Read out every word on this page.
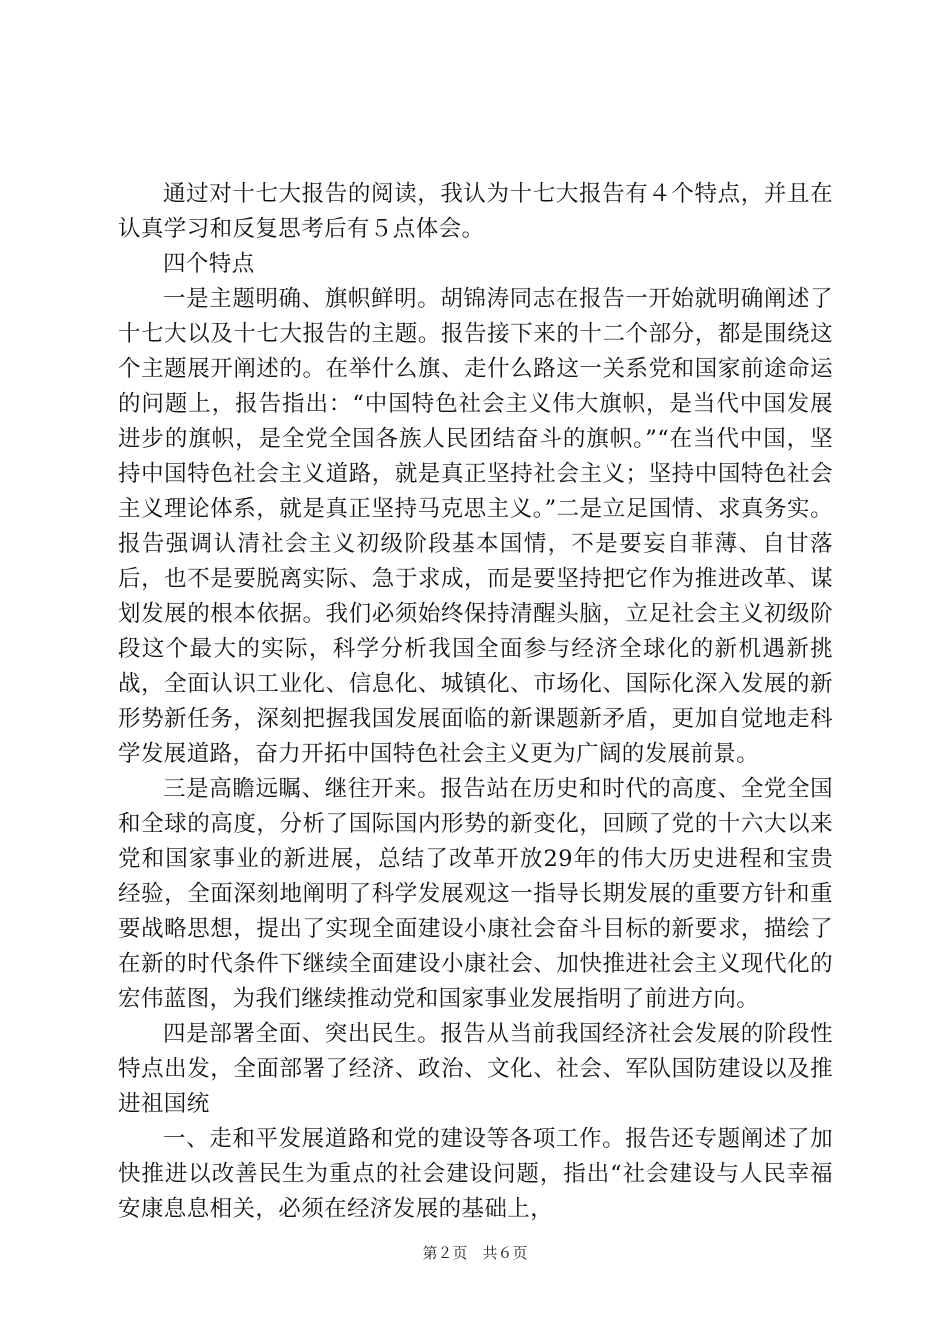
通过对十七大报告的阅读，我认为十七大报告有４个特点，并且在认真学习和反复思考后有５点体会。

四个特点

一是主题明确、旗帜鲜明。胡锦涛同志在报告一开始就明确阐述了十七大以及十七大报告的主题。报告接下来的十二个部分，都是围绕这个主题展开阐述的。在举什么旗、走什么路这一关系党和国家前途命运的问题上，报告指出：“中国特色社会主义伟大旗帜，是当代中国发展进步的旗帜，是全党全国各族人民团结奋斗的旗帜。”“在当代中国，坚持中国特色社会主义道路，就是真正坚持社会主义；坚持中国特色社会主义理论体系，就是真正坚持马克思主义。”二是立足国情、求真务实。报告强调认清社会主义初级阶段基本国情，不是要妄自菲薄、自甘落后，也不是要脱离实际、急于求成，而是要坚持把它作为推进改革、谋划发展的根本依据。我们必须始终保持清醒头脑，立足社会主义初级阶段这个最大的实际，科学分析我国全面参与经济全球化的新机遇新挑战，全面认识工业化、信息化、城镇化、市场化、国际化深入发展的新形势新任务，深刻把握我国发展面临的新课题新矛盾，更加自觉地走科学发展道路，奋力开拓中国特色社会主义更为广阔的发展前景。

三是高瞻远瞩、继往开来。报告站在历史和时代的高度、全党全国和全球的高度，分析了国际国内形势的新变化，回顾了党的十六大以来党和国家事业的新进展，总结了改革开放29年的伟大历史进程和宝贵经验，全面深刻地阐明了科学发展观这一指导长期发展的重要方针和重要战略思想，提出了实现全面建设小康社会奋斗目标的新要求，描绘了在新的时代条件下继续全面建设小康社会、加快推进社会主义现代化的宏伟蓝图，为我们继续推动党和国家事业发展指明了前进方向。

四是部署全面、突出民生。报告从当前我国经济社会发展的阶段性特点出发，全面部署了经济、政治、文化、社会、军队国防建设以及推进祖国统

一、走和平发展道路和党的建设等各项工作。报告还专题阐述了加快推进以改善民生为重点的社会建设问题，指出“社会建设与人民幸福安康息息相关，必须在经济发展的基础上，

第２页　共６页
